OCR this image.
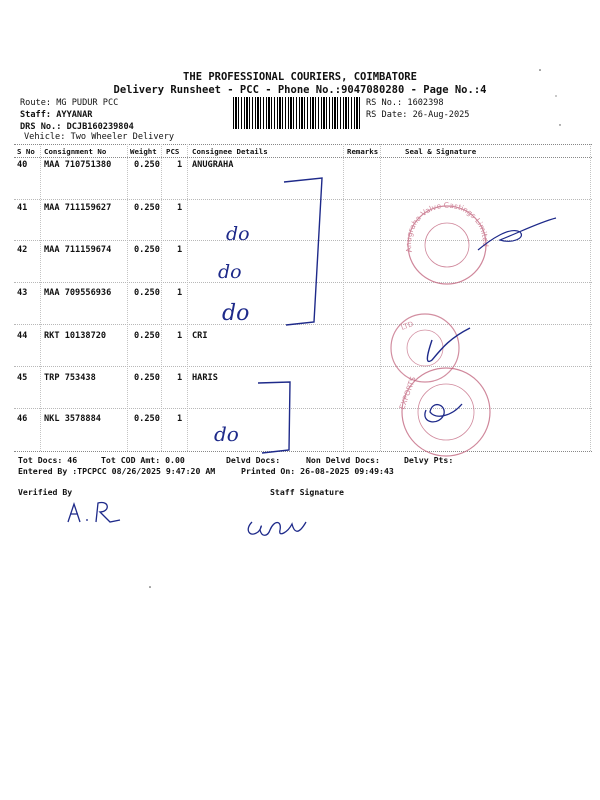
THE PROFESSIONAL COURIERS, COIMBATORE
Delivery Runsheet - PCC - Phone No.:9047080280 - Page No.:4
Route: MG PUDUR PCC
Staff: AYYANAR
DRS No.: DCJB160239804
Vehicle: Two Wheeler Delivery
RS No.: 1602398
RS Date: 26-Aug-2025
S No Consignment No	Weight PCS Consignee Details	Remarks	Seal & Signature
40 MAA 710751380	0.250 1 ANUGRAHA
41 MAA 711159627	0.250 1
42 MAA 711159674	0.250 1
43 MAA 709556936	0.250 1
44 RKT 10138720	0.250 1 CRI
45 TRP 753438	0.250 1 HARIS
46 NKL 3578884	0.250 1
Tot Docs: 46	Tot COD Amt: 0.00	Delvd Docs:	Non Delvd Docs:	Delvy Pts:
Entered By :TPCPCC 08/26/2025 9:47:20 AM	Printed On: 26-08-2025 09:49:43
Verified By	Staff Signature
do
do
do
do
Anugraha Valve Castings Limited
LTD
EXPORTS
